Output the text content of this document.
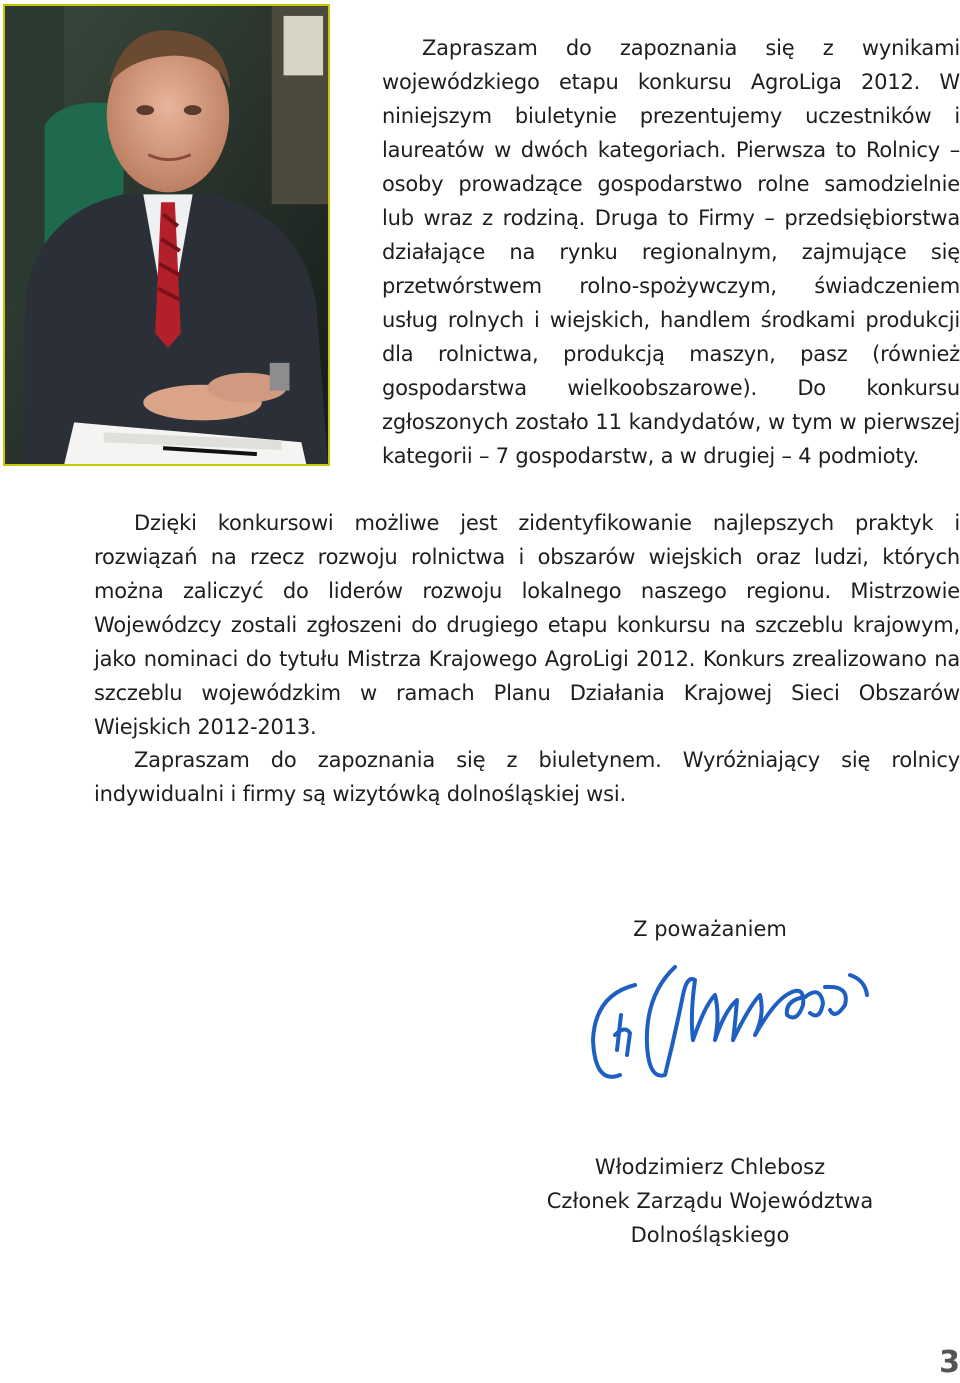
Zapraszam do zapoznania się z wynikami wojewódzkiego etapu konkursu AgroLiga 2012. W niniejszym biuletynie prezentujemy uczestników i laureatów w dwóch kategoriach. Pierwsza to Rolnicy – osoby prowadzące gospodarstwo rolne samodzielnie lub wraz z rodziną. Druga to Firmy – przedsiębiorstwa działające na rynku regionalnym, zajmujące się przetwórstwem rolno-spożywczym, świadczeniem usług rolnych i wiejskich, handlem środkami produkcji dla rolnictwa, produkcją maszyn, pasz (również gospodarstwa wielkoobszarowe). Do konkursu zgłoszonych zostało 11 kandydatów, w tym w pierwszej kategorii – 7 gospodarstw, a w drugiej – 4 podmioty.

Dzięki konkursowi możliwe jest zidentyfikowanie najlepszych praktyk i rozwiązań na rzecz rozwoju rolnictwa i obszarów wiejskich oraz ludzi, których można zaliczyć do liderów rozwoju lokalnego naszego regionu. Mistrzowie Wojewódzcy zostali zgłoszeni do drugiego etapu konkursu na szczeblu krajowym, jako nominaci do tytułu Mistrza Krajowego AgroLigi 2012. Konkurs zrealizowano na szczeblu wojewódzkim w ramach Planu Działania Krajowej Sieci Obszarów Wiejskich 2012-2013.

Zapraszam do zapoznania się z biuletynem. Wyróżniający się rolnicy indywidualni i firmy są wizytówką dolnośląskiej wsi.

Z poważaniem

Włodzimierz Chlebosz
Członek Zarządu Województwa
Dolnośląskiego
3
